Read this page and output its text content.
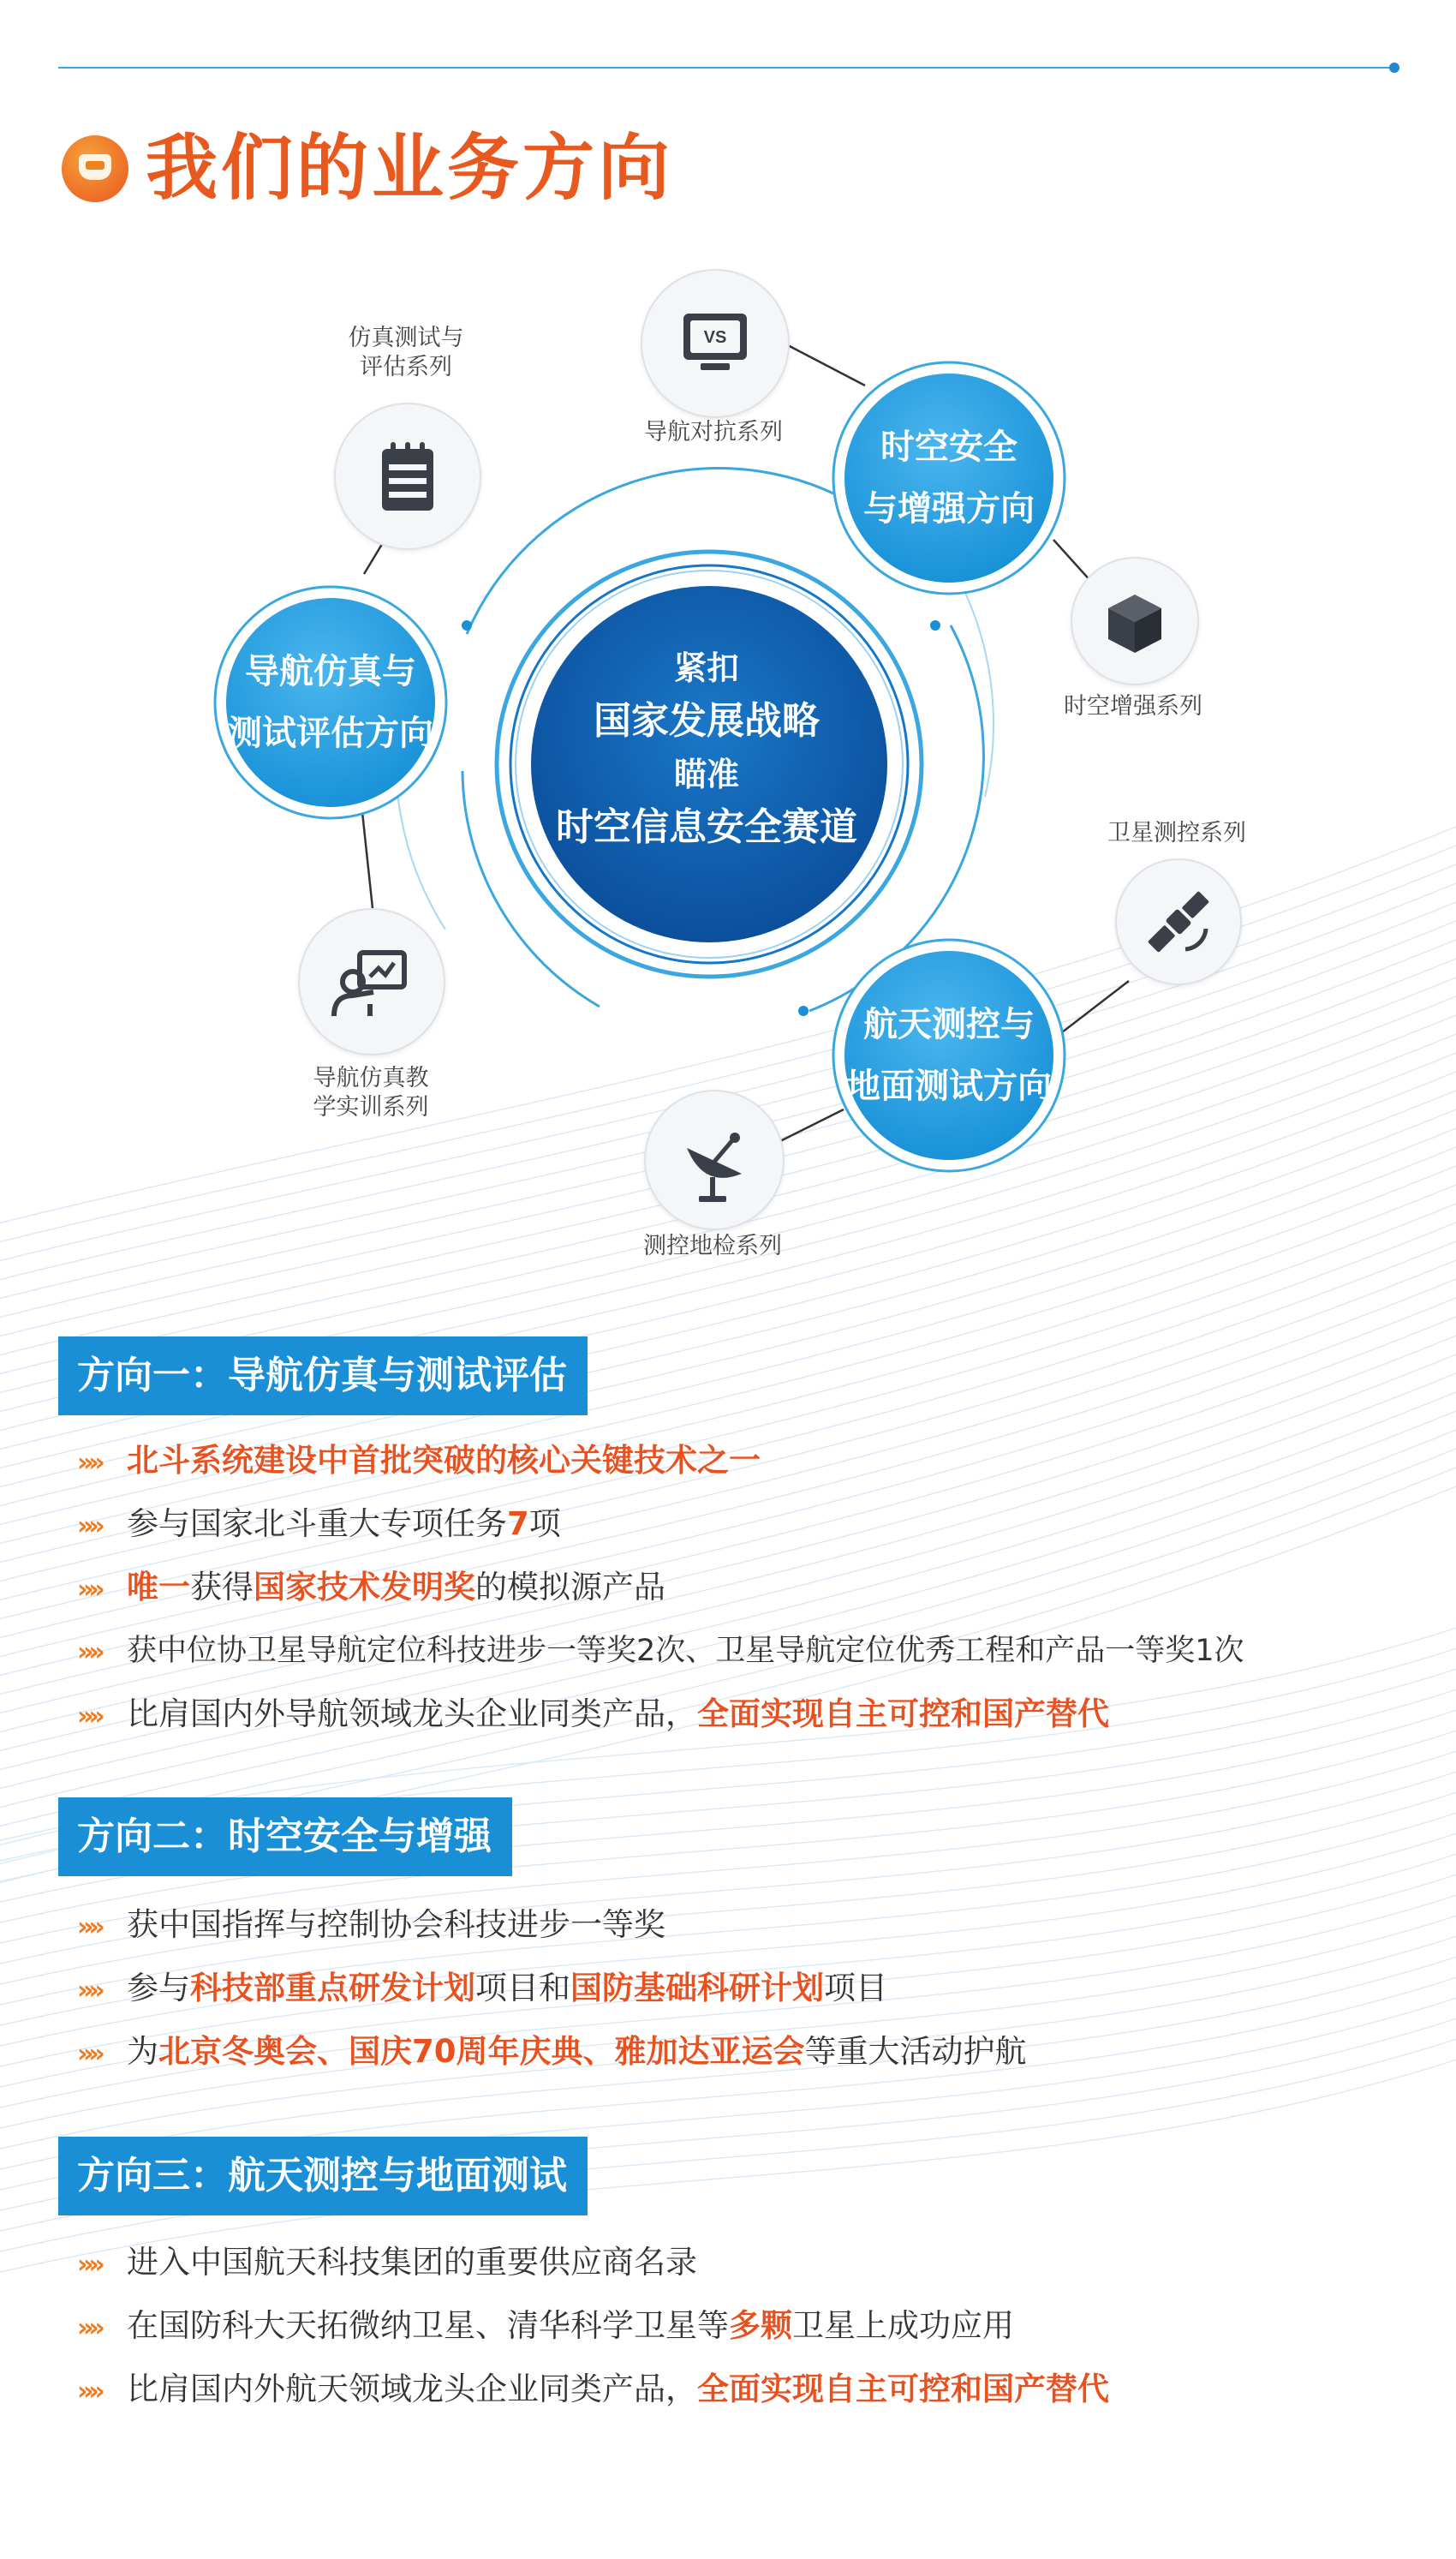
我们的业务方向
紧扣
国家发展战略
瞄准
时空信息安全赛道
时空安全
与增强方向
导航仿真与
测试评估方向
航天测控与
地面测试方向
VS
导航对抗系列
仿真测试与
评估系列
时空增强系列
卫星测控系列
导航仿真教
学实训系列
测控地检系列
方向一：导航仿真与测试评估
»» 北斗系统建设中首批突破的核心关键技术之一
»» 参与国家北斗重大专项任务7项
»» 唯一获得国家技术发明奖的模拟源产品
»» 获中位协卫星导航定位科技进步一等奖2次、卫星导航定位优秀工程和产品一等奖1次
»» 比肩国内外导航领域龙头企业同类产品，全面实现自主可控和国产替代
方向二：时空安全与增强
»» 获中国指挥与控制协会科技进步一等奖
»» 参与科技部重点研发计划项目和国防基础科研计划项目
»» 为北京冬奥会、国庆70周年庆典、雅加达亚运会等重大活动护航
方向三：航天测控与地面测试
»» 进入中国航天科技集团的重要供应商名录
»» 在国防科大天拓微纳卫星、清华科学卫星等多颗卫星上成功应用
»» 比肩国内外航天领域龙头企业同类产品，全面实现自主可控和国产替代
